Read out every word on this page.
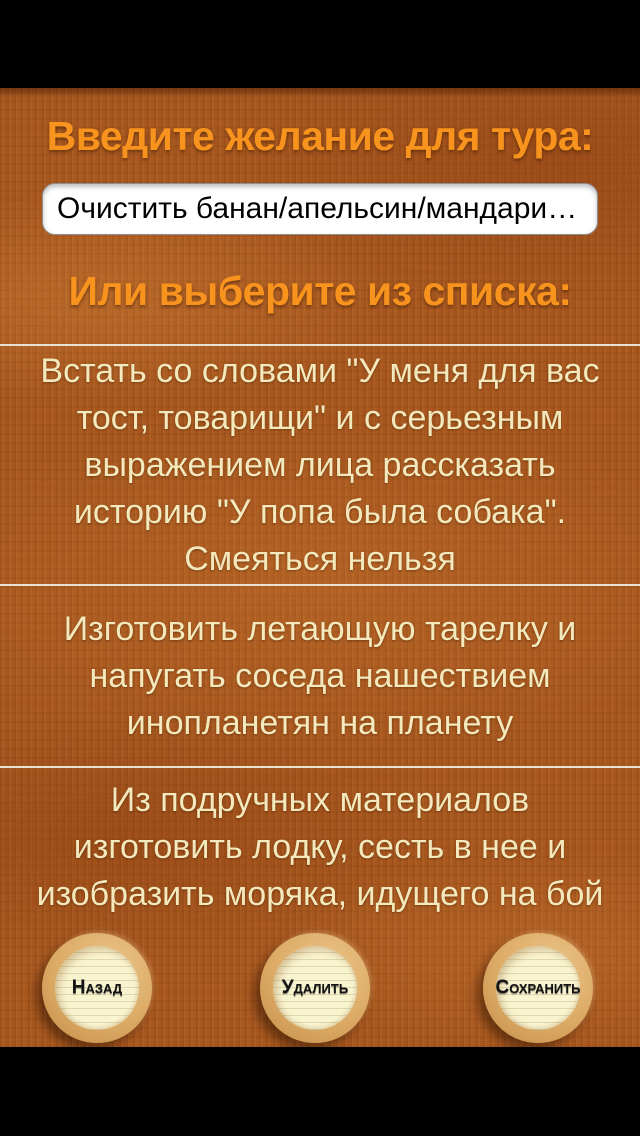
Введите желание для тура:
Очистить банан/апельсин/мандарин без пом…
Или выберите из списка:
Встать со словами "У меня для вас тост, товарищи" и с серьезным выражением лица рассказать историю "У попа была собака". Смеяться нельзя
Изготовить летающую тарелку и напугать соседа нашествием инопланетян на планету
Из подручных материалов изготовить лодку, сесть в нее и изобразить моряка, идущего на бой
Назад	Удалить	Сохранить
